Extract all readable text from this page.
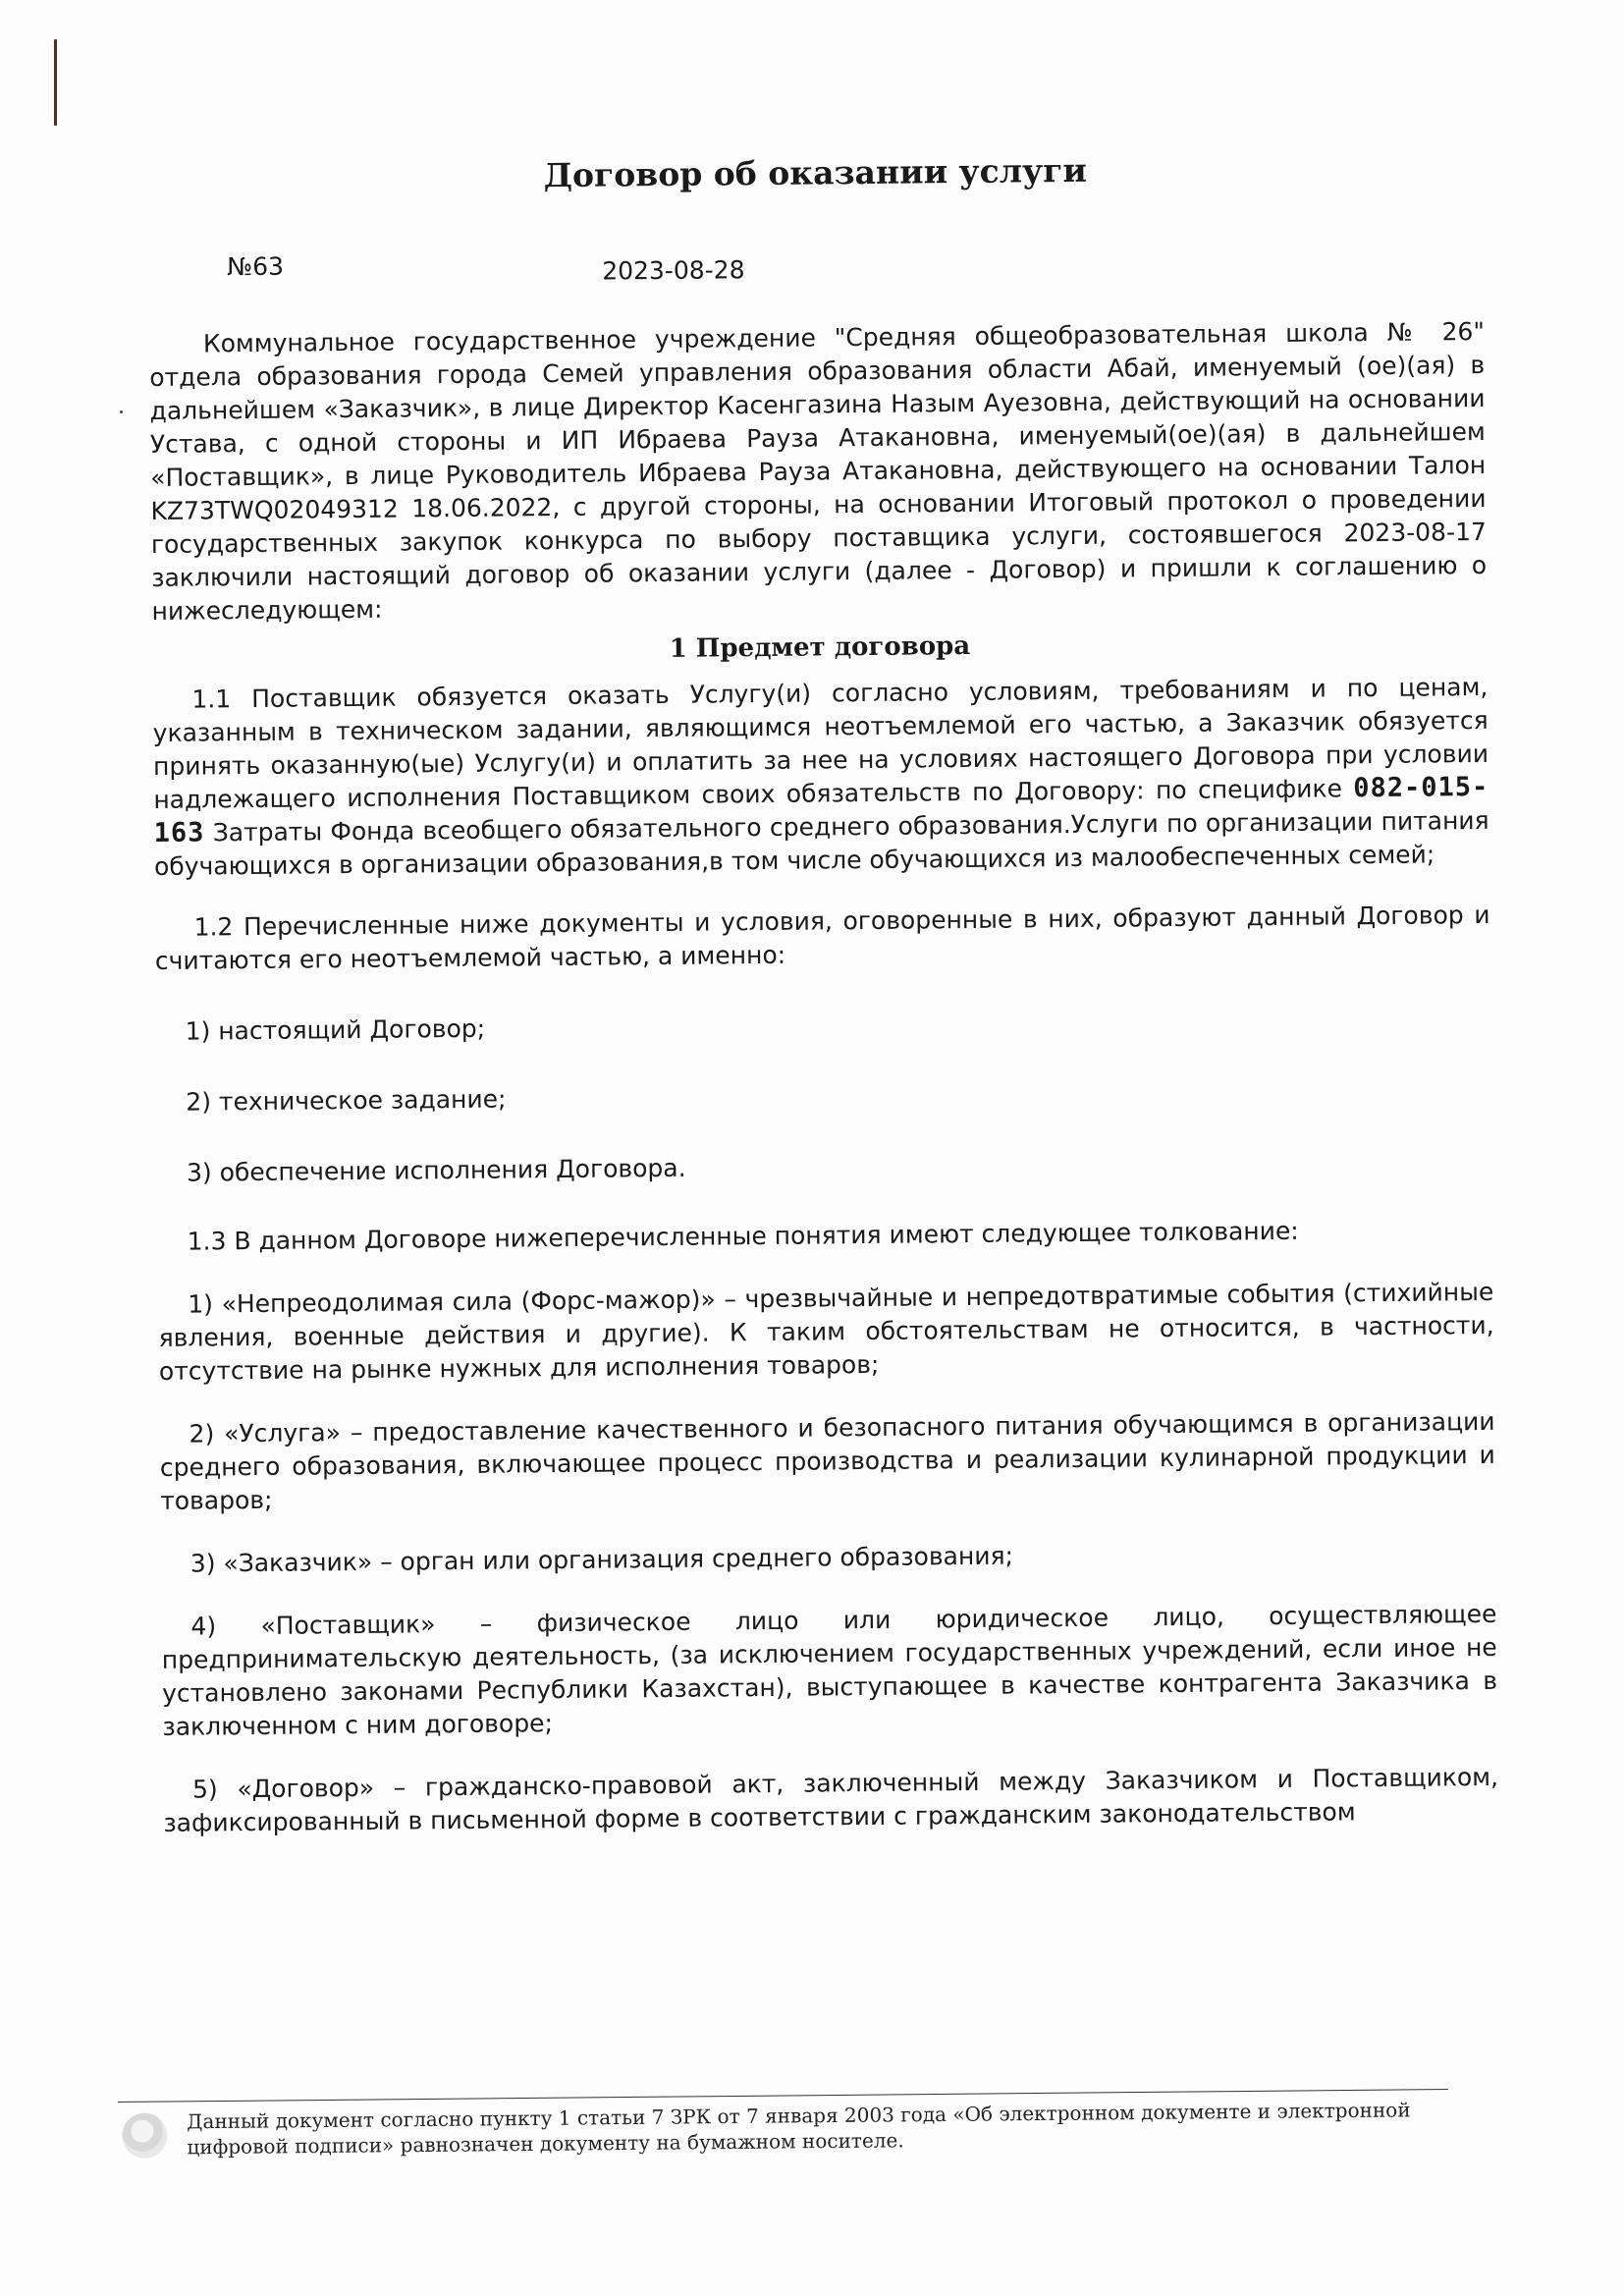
Договор об оказании услуги
№63	2023-08-28

Коммунальное государственное учреждение "Средняя общеобразовательная школа № 26" отдела образования города Семей управления образования области Абай, именуемый (ое)(ая) в дальнейшем «Заказчик», в лице Директор Касенгазина Назым Ауезовна, действующий на основании Устава, с одной стороны и ИП Ибраева Рауза Атакановна, именуемый(ое)(ая) в дальнейшем «Поставщик», в лице Руководитель Ибраева Рауза Атакановна, действующего на основании Талон KZ73TWQ02049312 18.06.2022, с другой стороны, на основании Итоговый протокол о проведении государственных закупок конкурса по выбору поставщика услуги, состоявшегося 2023-08-17 заключили настоящий договор об оказании услуги (далее - Договор) и пришли к соглашению о нижеследующем:

1 Предмет договора

1.1 Поставщик обязуется оказать Услугу(и) согласно условиям, требованиям и по ценам, указанным в техническом задании, являющимся неотъемлемой его частью, а Заказчик обязуется принять оказанную(ые) Услугу(и) и оплатить за нее на условиях настоящего Договора при условии надлежащего исполнения Поставщиком своих обязательств по Договору: по специфике 082-015-163 Затраты Фонда всеобщего обязательного среднего образования.Услуги по организации питания обучающихся в организации образования,в том числе обучающихся из малообеспеченных семей;

1.2 Перечисленные ниже документы и условия, оговоренные в них, образуют данный Договор и считаются его неотъемлемой частью, а именно:

1) настоящий Договор;

2) техническое задание;

3) обеспечение исполнения Договора.

1.3 В данном Договоре нижеперечисленные понятия имеют следующее толкование:

1) «Непреодолимая сила (Форс-мажор)» – чрезвычайные и непредотвратимые события (стихийные явления, военные действия и другие). К таким обстоятельствам не относится, в частности, отсутствие на рынке нужных для исполнения товаров;

2) «Услуга» – предоставление качественного и безопасного питания обучающимся в организации среднего образования, включающее процесс производства и реализации кулинарной продукции и товаров;

3) «Заказчик» – орган или организация среднего образования;

4) «Поставщик» – физическое лицо или юридическое лицо, осуществляющее предпринимательскую деятельность, (за исключением государственных учреждений, если иное не установлено законами Республики Казахстан), выступающее в качестве контрагента Заказчика в заключенном с ним договоре;

5) «Договор» – гражданско-правовой акт, заключенный между Заказчиком и Поставщиком, зафиксированный в письменной форме в соответствии с гражданским законодательством

Данный документ согласно пункту 1 статьи 7 ЗРК от 7 января 2003 года «Об электронном документе и электронной цифровой подписи» равнозначен документу на бумажном носителе.
